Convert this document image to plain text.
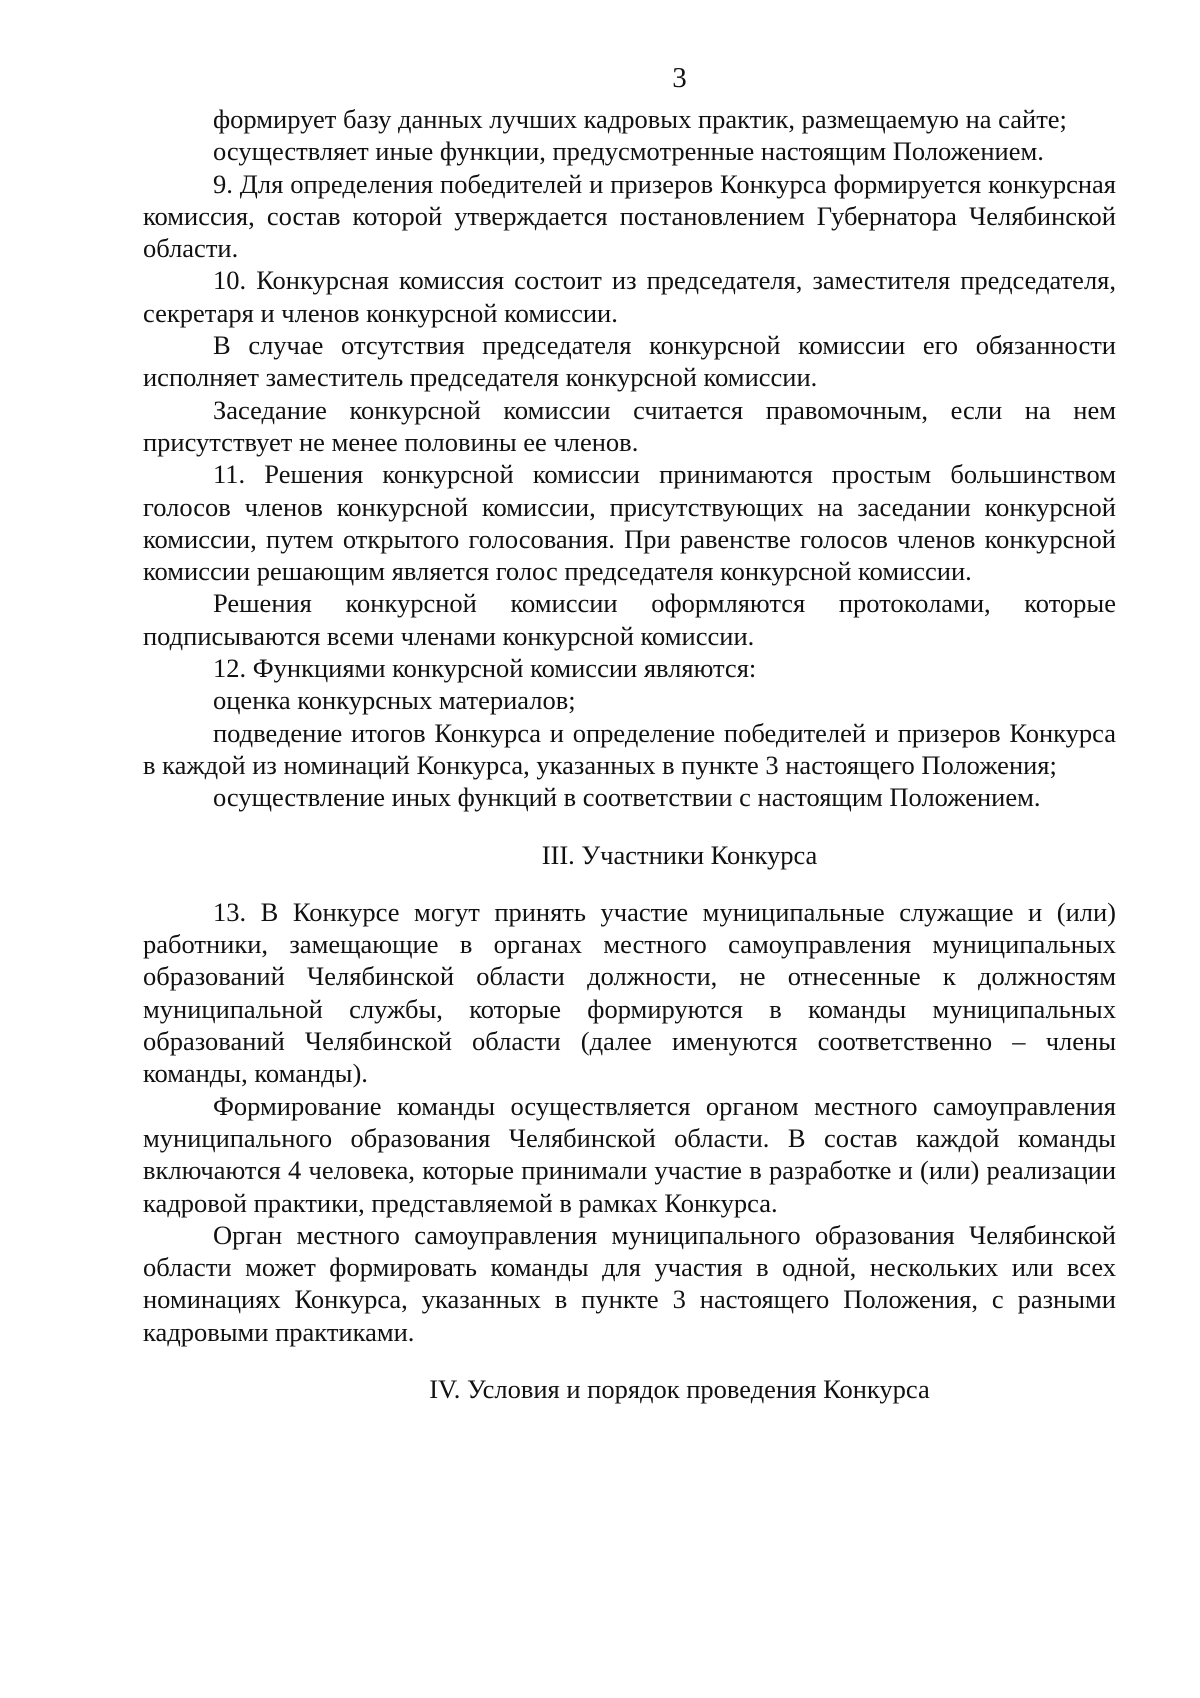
3

формирует базу данных лучших кадровых практик, размещаемую на сайте;

осуществляет иные функции, предусмотренные настоящим Положением.

9. Для определения победителей и призеров Конкурса формируется конкурсная комиссия, состав которой утверждается постановлением Губернатора Челябинской области.

10. Конкурсная комиссия состоит из председателя, заместителя председателя, секретаря и членов конкурсной комиссии.

В случае отсутствия председателя конкурсной комиссии его обязанности исполняет заместитель председателя конкурсной комиссии.

Заседание конкурсной комиссии считается правомочным, если на нем присутствует не менее половины ее членов.

11. Решения конкурсной комиссии принимаются простым большинством голосов членов конкурсной комиссии, присутствующих на заседании конкурсной комиссии, путем открытого голосования. При равенстве голосов членов конкурсной комиссии решающим является голос председателя конкурсной комиссии.

Решения конкурсной комиссии оформляются протоколами, которые подписываются всеми членами конкурсной комиссии.

12. Функциями конкурсной комиссии являются:

оценка конкурсных материалов;

подведение итогов Конкурса и определение победителей и призеров Конкурса в каждой из номинаций Конкурса, указанных в пункте 3 настоящего Положения;

осуществление иных функций в соответствии с настоящим Положением.

III. Участники Конкурса

13. В Конкурсе могут принять участие муниципальные служащие и (или) работники, замещающие в органах местного самоуправления муниципальных образований Челябинской области должности, не отнесенные к должностям муниципальной службы, которые формируются в команды муниципальных образований Челябинской области (далее именуются соответственно – члены команды, команды).

Формирование команды осуществляется органом местного самоуправления муниципального образования Челябинской области. В состав каждой команды включаются 4 человека, которые принимали участие в разработке и (или) реализации кадровой практики, представляемой в рамках Конкурса.

Орган местного самоуправления муниципального образования Челябинской области может формировать команды для участия в одной, нескольких или всех номинациях Конкурса, указанных в пункте 3 настоящего Положения, с разными кадровыми практиками.

IV. Условия и порядок проведения Конкурса
